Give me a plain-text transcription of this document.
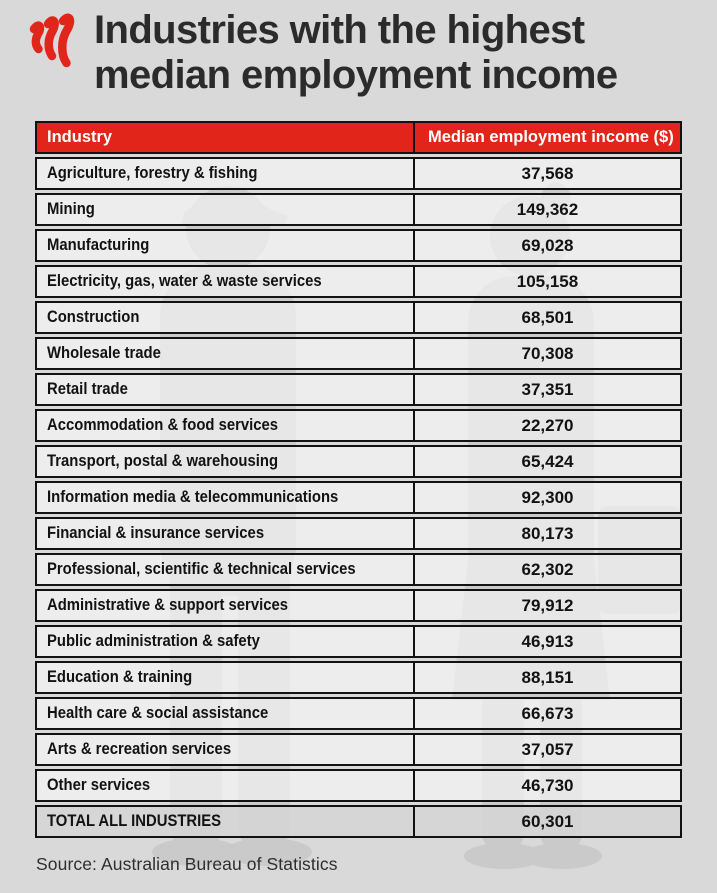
Industries with the highest median employment income
Industry	Median employment income ($)
Agriculture, forestry & fishing	37,568
Mining	149,362
Manufacturing	69,028
Electricity, gas, water & waste services	105,158
Construction	68,501
Wholesale trade	70,308
Retail trade	37,351
Accommodation & food services	22,270
Transport, postal & warehousing	65,424
Information media & telecommunications	92,300
Financial & insurance services	80,173
Professional, scientific & technical services	62,302
Administrative & support services	79,912
Public administration & safety	46,913
Education & training	88,151
Health care & social assistance	66,673
Arts & recreation services	37,057
Other services	46,730
TOTAL ALL INDUSTRIES	60,301
Source: Australian Bureau of Statistics
